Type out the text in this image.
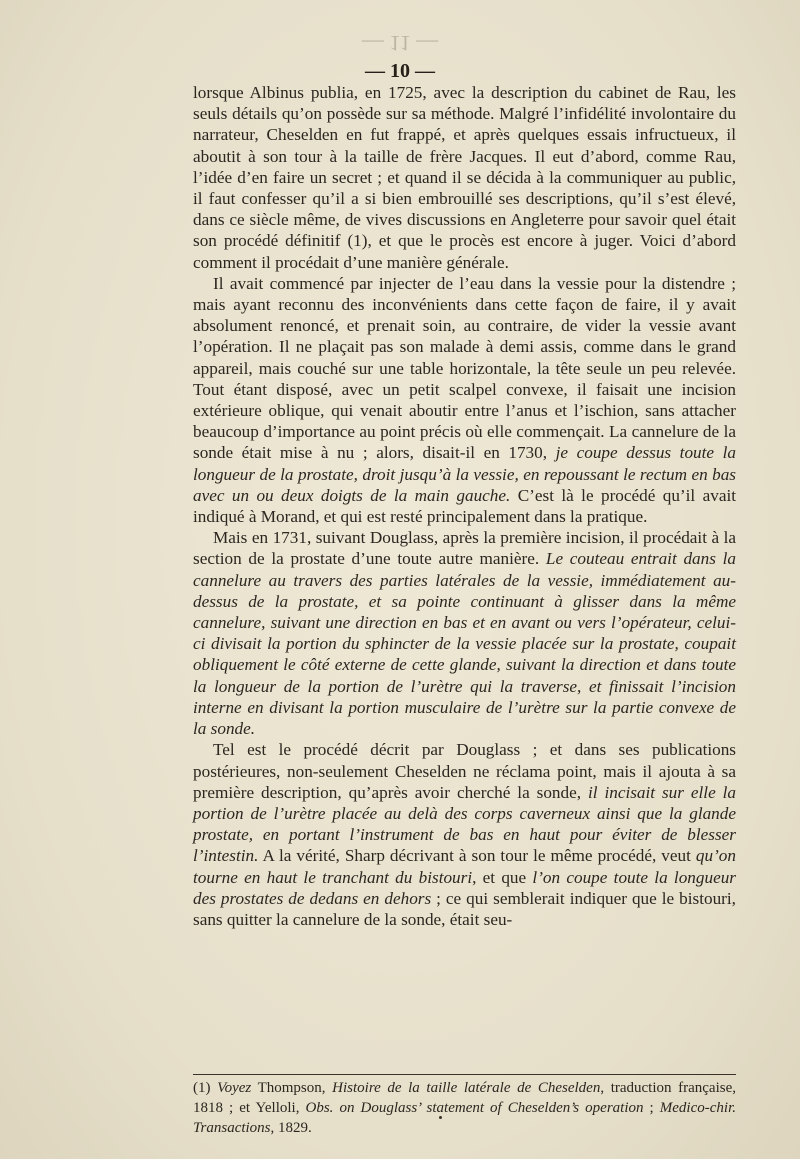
— 11 —
— 10 —

lorsque Albinus publia, en 1725, avec la description du cabinet de Rau, les seuls détails qu’on possède sur sa méthode. Malgré l’infidélité involontaire du narrateur, Cheselden en fut frappé, et après quelques essais infructueux, il aboutit à son tour à la taille de frère Jacques. Il eut d’abord, comme Rau, l’idée d’en faire un secret ; et quand il se décida à la communiquer au public, il faut confesser qu’il a si bien embrouillé ses descriptions, qu’il s’est élevé, dans ce siècle même, de vives discussions en Angleterre pour savoir quel était son procédé définitif (1), et que le procès est encore à juger. Voici d’abord comment il procédait d’une manière générale.

Il avait commencé par injecter de l’eau dans la vessie pour la distendre ; mais ayant reconnu des inconvénients dans cette façon de faire, il y avait absolument renoncé, et prenait soin, au contraire, de vider la vessie avant l’opération. Il ne plaçait pas son malade à demi assis, comme dans le grand appareil, mais couché sur une table horizontale, la tête seule un peu relevée. Tout étant disposé, avec un petit scalpel convexe, il faisait une incision extérieure oblique, qui venait aboutir entre l’anus et l’ischion, sans attacher beaucoup d’importance au point précis où elle commençait. La cannelure de la sonde était mise à nu ; alors, disait-il en 1730, je coupe dessus toute la longueur de la prostate, droit jusqu’à la vessie, en repoussant le rectum en bas avec un ou deux doigts de la main gauche. C’est là le procédé qu’il avait indiqué à Morand, et qui est resté principalement dans la pratique.

Mais en 1731, suivant Douglass, après la première incision, il procédait à la section de la prostate d’une toute autre manière. Le couteau entrait dans la cannelure au travers des parties latérales de la vessie, immédiatement au-dessus de la prostate, et sa pointe continuant à glisser dans la même cannelure, suivant une direction en bas et en avant ou vers l’opérateur, celui-ci divisait la portion du sphincter de la vessie placée sur la prostate, coupait obliquement le côté externe de cette glande, suivant la direction et dans toute la longueur de la portion de l’urètre qui la traverse, et finissait l’incision interne en divisant la portion musculaire de l’urètre sur la partie convexe de la sonde.

Tel est le procédé décrit par Douglass ; et dans ses publications postérieures, non-seulement Cheselden ne réclama point, mais il ajouta à sa première description, qu’après avoir cherché la sonde, il incisait sur elle la portion de l’urètre placée au delà des corps caverneux ainsi que la glande prostate, en portant l’instrument de bas en haut pour éviter de blesser l’intestin. A la vérité, Sharp décrivant à son tour le même procédé, veut qu’on tourne en haut le tranchant du bistouri, et que l’on coupe toute la longueur des prostates de dedans en dehors ; ce qui semblerait indiquer que le bistouri, sans quitter la cannelure de la sonde, était seu-

(1) Voyez Thompson, Histoire de la taille latérale de Cheselden, traduction française, 1818 ; et Yelloli, Obs. on Douglass’ statement of Cheselden’s operation ; Medico-chir. Transactions, 1829.
